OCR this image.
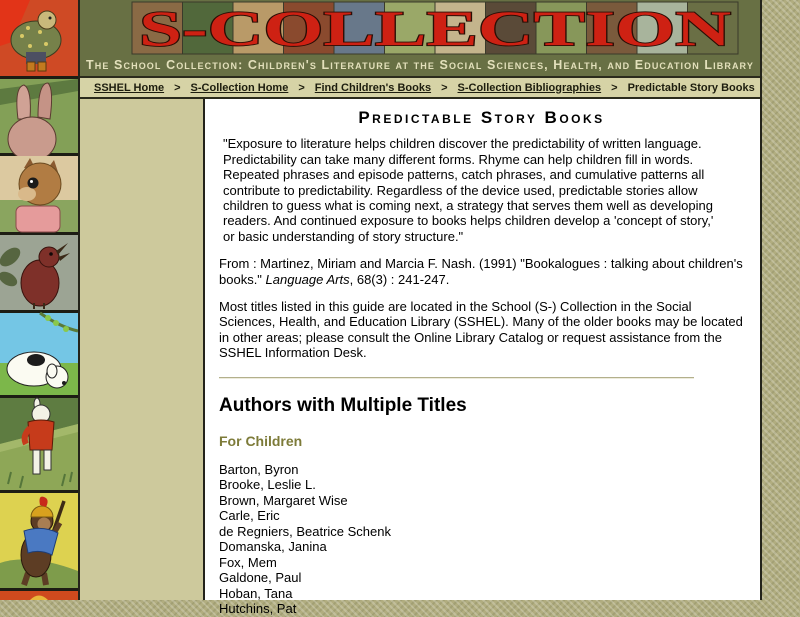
S-COLLECTION
The School Collection: Children's Literature at the Social Sciences, Health, and Education Library
SSHEL Home > S-Collection Home > Find Children's Books > S-Collection Bibliographies > Predictable Story Books
Predictable Story Books
"Exposure to literature helps children discover the predictability of written language. Predictability can take many different forms. Rhyme can help children fill in words. Repeated phrases and episode patterns, catch phrases, and cumulative patterns all contribute to predictability. Regardless of the device used, predictable stories allow children to guess what is coming next, a strategy that serves them well as developing readers. And continued exposure to books helps children develop a 'concept of story,' or basic understanding of story structure."

From : Martinez, Miriam and Marcia F. Nash. (1991) "Bookalogues : talking about children's books." Language Arts, 68(3) : 241-247.

Most titles listed in this guide are located in the School (S-) Collection in the Social Sciences, Health, and Education Library (SSHEL). Many of the older books may be located in other areas; please consult the Online Library Catalog or request assistance from the SSHEL Information Desk.

Authors with Multiple Titles
For Children
Barton, Byron
Brooke, Leslie L.
Brown, Margaret Wise
Carle, Eric
de Regniers, Beatrice Schenk
Domanska, Janina
Fox, Mem
Galdone, Paul
Hoban, Tana
Hutchins, Pat
